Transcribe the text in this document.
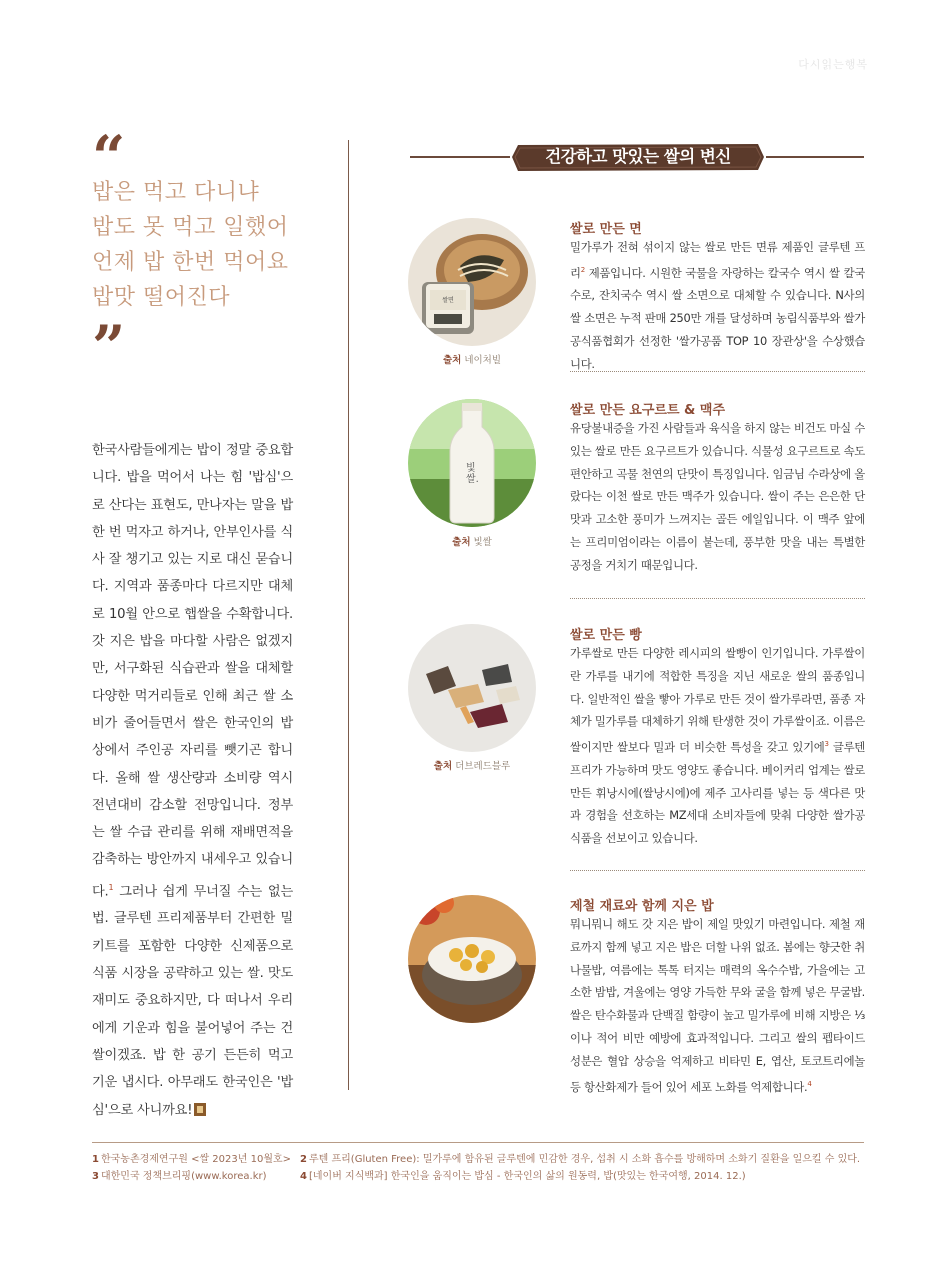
다시읽는행복
“
밥은 먹고 다니냐
밥도 못 먹고 일했어
언제 밥 한번 먹어요
밥맛 떨어진다
”
한국사람들에게는 밥이 정말 중요합니다. 밥을 먹어서 나는 힘 '밥심'으로 산다는 표현도, 만나자는 말을 밥 한 번 먹자고 하거나, 안부인사를 식사 잘 챙기고 있는 지로 대신 묻습니다. 지역과 품종마다 다르지만 대체로 10월 안으로 햅쌀을 수확합니다. 갓 지은 밥을 마다할 사람은 없겠지만, 서구화된 식습관과 쌀을 대체할 다양한 먹거리들로 인해 최근 쌀 소비가 줄어들면서 쌀은 한국인의 밥상에서 주인공 자리를 뺏기곤 합니다. 올해 쌀 생산량과 소비량 역시 전년대비 감소할 전망입니다. 정부는 쌀 수급 관리를 위해 재배면적을 감축하는 방안까지 내세우고 있습니다.$^1$ 그러나 쉽게 무너질 수는 없는 법. 글루텐 프리제품부터 간편한 밀키트를 포함한 다양한 신제품으로 식품 시장을 공략하고 있는 쌀. 맛도 재미도 중요하지만, 다 떠나서 우리에게 기운과 힘을 불어넣어 주는 건 쌀이겠죠. 밥 한 공기 든든히 먹고 기운 냅시다. 아무래도 한국인은 '밥심'으로 사니까요!
건강하고 맛있는 쌀의 변신
쌀면
출처 네이처빌
쌀로 만든 면
밀가루가 전혀 섞이지 않는 쌀로 만든 면류 제품인 글루텐 프리$^2$ 제품입니다. 시원한 국물을 자랑하는 칼국수 역시 쌀 칼국수로, 잔치국수 역시 쌀 소면으로 대체할 수 있습니다. N사의 쌀 소면은 누적 판매 250만 개를 달성하며 농림식품부와 쌀가공식품협회가 선정한 '쌀가공품 TOP 10 장관상'을 수상했습니다.
빛쌀.
출처 빛쌀
쌀로 만든 요구르트 & 맥주
유당불내증을 가진 사람들과 육식을 하지 않는 비건도 마실 수 있는 쌀로 만든 요구르트가 있습니다. 식물성 요구르트로 속도 편안하고 곡물 천연의 단맛이 특징입니다. 임금님 수라상에 올랐다는 이천 쌀로 만든 맥주가 있습니다. 쌀이 주는 은은한 단맛과 고소한 풍미가 느껴지는 골든 에일입니다. 이 맥주 앞에는 프리미엄이라는 이름이 붙는데, 풍부한 맛을 내는 특별한 공정을 거치기 때문입니다.
출처 더브레드블루
쌀로 만든 빵
가루쌀로 만든 다양한 레시피의 쌀빵이 인기입니다. 가루쌀이란 가루를 내기에 적합한 특징을 지닌 새로운 쌀의 품종입니다. 일반적인 쌀을 빻아 가루로 만든 것이 쌀가루라면, 품종 자체가 밀가루를 대체하기 위해 탄생한 것이 가루쌀이죠. 이름은 쌀이지만 쌀보다 밀과 더 비슷한 특성을 갖고 있기에$^3$ 글루텐 프리가 가능하며 맛도 영양도 좋습니다. 베이커리 업계는 쌀로 만든 휘낭시에(쌀낭시에)에 제주 고사리를 넣는 등 색다른 맛과 경험을 선호하는 MZ세대 소비자들에 맞춰 다양한 쌀가공식품을 선보이고 있습니다.
제철 재료와 함께 지은 밥
뭐니뭐니 해도 갓 지은 밥이 제일 맛있기 마련입니다. 제철 재료까지 함께 넣고 지은 밥은 더할 나위 없죠. 봄에는 향긋한 취나물밥, 여름에는 톡톡 터지는 매력의 옥수수밥, 가을에는 고소한 밤밥, 겨울에는 영양 가득한 무와 굴을 함께 넣은 무굴밥. 쌀은 탄수화물과 단백질 함량이 높고 밀가루에 비해 지방은 ⅓이나 적어 비만 예방에 효과적입니다. 그리고 쌀의 펩타이드 성분은 혈압 상승을 억제하고 비타민 E, 엽산, 토코트리에놀 등 항산화제가 들어 있어 세포 노화를 억제합니다.$^4$
1 한국농촌경제연구원 <쌀 2023년 10월호> 2 루텐 프리(Gluten Free): 밀가루에 함유된 글루텐에 민감한 경우, 섭취 시 소화 흡수를 방해하며 소화기 질환을 일으킬 수 있다.
3 대한민국 정책브리핑(www.korea.kr)	4 [네이버 지식백과] 한국인을 움직이는 밥심 - 한국인의 삶의 원동력, 밥(맛있는 한국여행, 2014. 12.)
